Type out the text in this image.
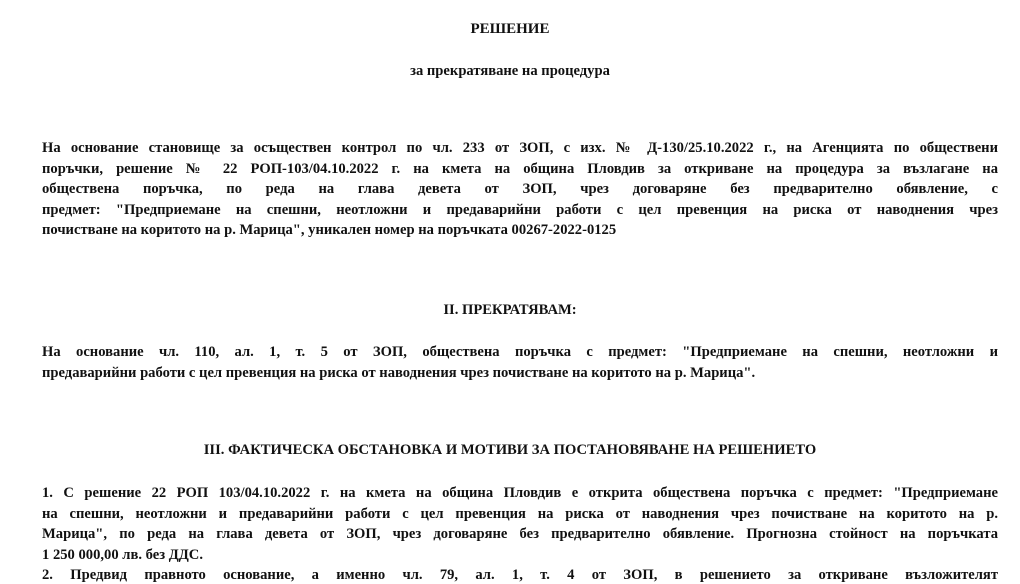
РЕШЕНИЕ
за прекратяване на процедура
На основание становище за осъществен контрол по чл. 233 от ЗОП, с изх. № Д-130/25.10.2022 г., на Агенцията по обществени
поръчки, решение № 22 РОП-103/04.10.2022 г. на кмета на община Пловдив за откриване на процедура за възлагане на
обществена поръчка, по реда на глава девета от ЗОП, чрез договаряне без предварително обявление, с
предмет: "Предприемане на спешни, неотложни и предаварийни работи с цел превенция на риска от наводнения чрез
почистване на коритото на р. Марица", уникален номер на поръчката 00267-2022-0125
II. ПРЕКРАТЯВАМ:
На основание чл. 110, ал. 1, т. 5 от ЗОП, обществена поръчка с предмет: "Предприемане на спешни, неотложни и
предаварийни работи с цел превенция на риска от наводнения чрез почистване на коритото на р. Марица".
III. ФАКТИЧЕСКА ОБСТАНОВКА И МОТИВИ ЗА ПОСТАНОВЯВАНЕ НА РЕШЕНИЕТО
1. С решение 22 РОП 103/04.10.2022 г. на кмета на община Пловдив е открита обществена поръчка с предмет: "Предприемане
на спешни, неотложни и предаварийни работи с цел превенция на риска от наводнения чрез почистване на коритото на р.
Марица", по реда на глава девета от ЗОП, чрез договаряне без предварително обявление. Прогнозна стойност на поръчката
1 250 000,00 лв. без ДДС.
2. Предвид правното основание, а именно чл. 79, ал. 1, т. 4 от ЗОП, в решението за откриване възложителят
